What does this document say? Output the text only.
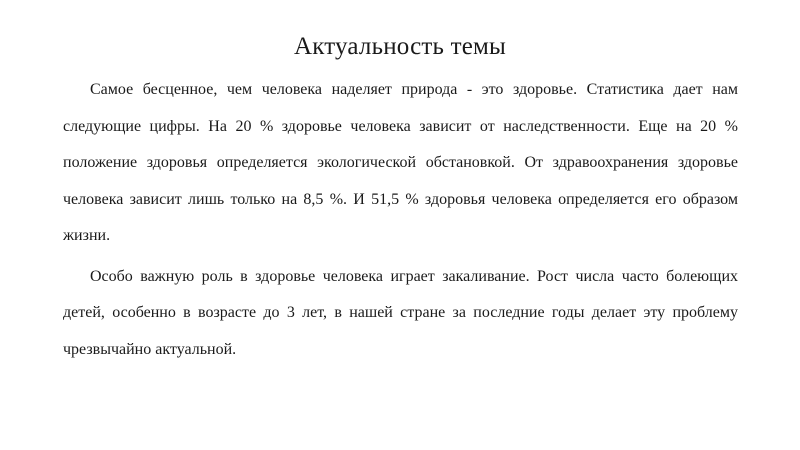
Актуальность темы

Самое бесценное, чем человека наделяет природа - это здоровье. Статистика дает нам следующие цифры. На 20 % здоровье человека зависит от наследственности. Еще на 20 % положение здоровья определяется экологической обстановкой. От здравоохранения здоровье человека зависит лишь только на 8,5 %. И 51,5 % здоровья человека определяется его образом жизни.

Особо важную роль в здоровье человека играет закаливание. Рост числа часто болеющих детей, особенно в возрасте до 3 лет, в нашей стране за последние годы делает эту проблему чрезвычайно актуальной.
